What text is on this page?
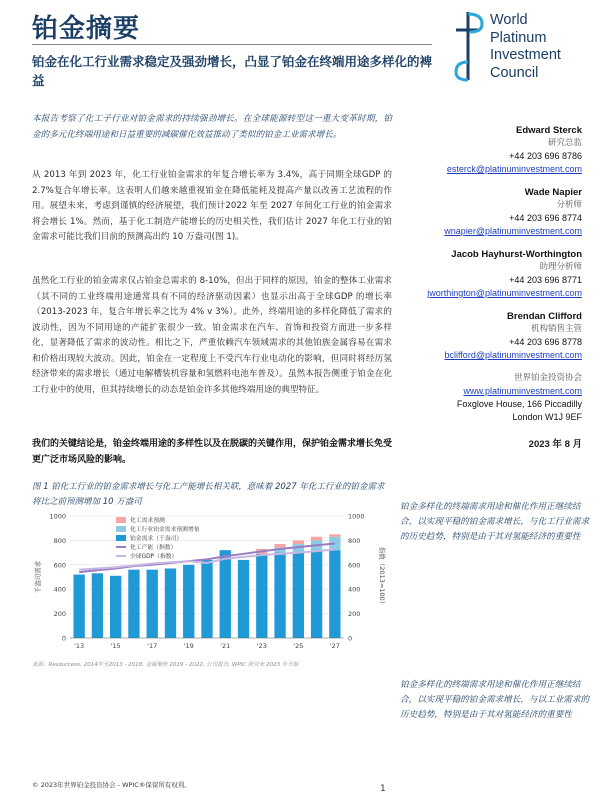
铂金摘要
铂金在化工行业需求稳定及强劲增长，凸显了铂金在终端用途多样化的裨益
World
Platinum
Investment
Council

本报告考察了化工子行业对铂金需求的持续强劲增长。在全球能源转型这一重大变革时期，铂金的多元化终端用途和日益重要的减碳催化效益推动了类似的铂金工业需求增长。

从 2013 年到 2023 年，化工行业铂金需求的年复合增长率为 3.4%，高于同期全球GDP 的 2.7%复合年增长率。这表明人们越来越重视铂金在降低能耗及提高产量以改善工艺流程的作用。展望未来，考虑到谨慎的经济展望，我们预计2022 年至 2027 年间化工行业的铂金需求将会增长 1%。然而，基于化工制造产能增长的历史相关性，我们估计 2027 年化工行业的铂金需求可能比我们目前的预测高出约 10 万盎司(图 1)。

虽然化工行业的铂金需求仅占铂金总需求的 8-10%，但出于同样的原因，铂金的整体工业需求（其不同的工业终端用途通常具有不同的经济驱动因素）也显示出高于全球GDP 的增长率（2013-2023 年，复合年增长率之比为 4% v 3%）。此外，终端用途的多样化降低了需求的波动性，因为不同用途的产能扩张很少一致。铂金需求在汽车、首饰和投资方面进一步多样化，显著降低了需求的波动性。相比之下，严重依赖汽车领域需求的其他铂族金属容易在需求和价格出现较大波动。因此，铂金在一定程度上不受汽车行业电动化的影响，但同时将经历氢经济带来的需求增长（通过电解槽装机容量和氢燃料电池车普及）。虽然本报告侧重于铂金在化工行业中的使用，但其持续增长的动态是铂金许多其他终端用途的典型特征。

我们的关键结论是，铂金终端用途的多样性以及在脱碳的关键作用，保护铂金需求增长免受更广泛市场风险的影响。

Edward Sterck
研究总监
+44 203 696 8786
esterck@platinuminvestment.com
Wade Napier
分析师
+44 203 696 8774
wnapier@platinuminvestment.com
Jacob Hayhurst-Worthington
助理分析师
+44 203 696 8771
jworthington@platinuminvestment.com
Brendan Clifford
机构销售主管
+44 203 696 8778
bclifford@platinuminvestment.com
世界铂金投资协会
www.platinuminvestment.com
Foxglove House, 166 Piccadilly
London W1J 9EF
2023 年 8 月

图 1 铂化工行业的铂金需求增长与化工产能增长相关联，意味着 2027 年化工行业的铂金需求将比之前预测增加 10 万盎司

0
200
400
600
800
1000
0
200
400
600
800
1000
'13	'15	'17	'19	'21	'23	'25	'27
千盎司需求	指数（2013=100）
化工需求预测
化工行业铂金需求预测增量
铂金需求（千盎司）
化工产能（指数）
全球GDP（指数）

来源：Resourcesx, 2014年至2013 - 2018, 金属聚焦 2019 - 2022, 公司报告, WPIC 研究未 2023 年开始

铂金多样化的终端需求用途和催化作用正继续结合，以实现平稳的铂金需求增长，与化工行业需求的历史趋势，特别是由于其对氢能经济的重要性

铂金多样化的终端需求用途和催化作用正继续结合，以实现平稳的铂金需求增长，与以工业需求的历史趋势，特别是由于其对氢能经济的重要性

© 2023年世界铂金投资协会 - WPIC®保留所有权利。	1
